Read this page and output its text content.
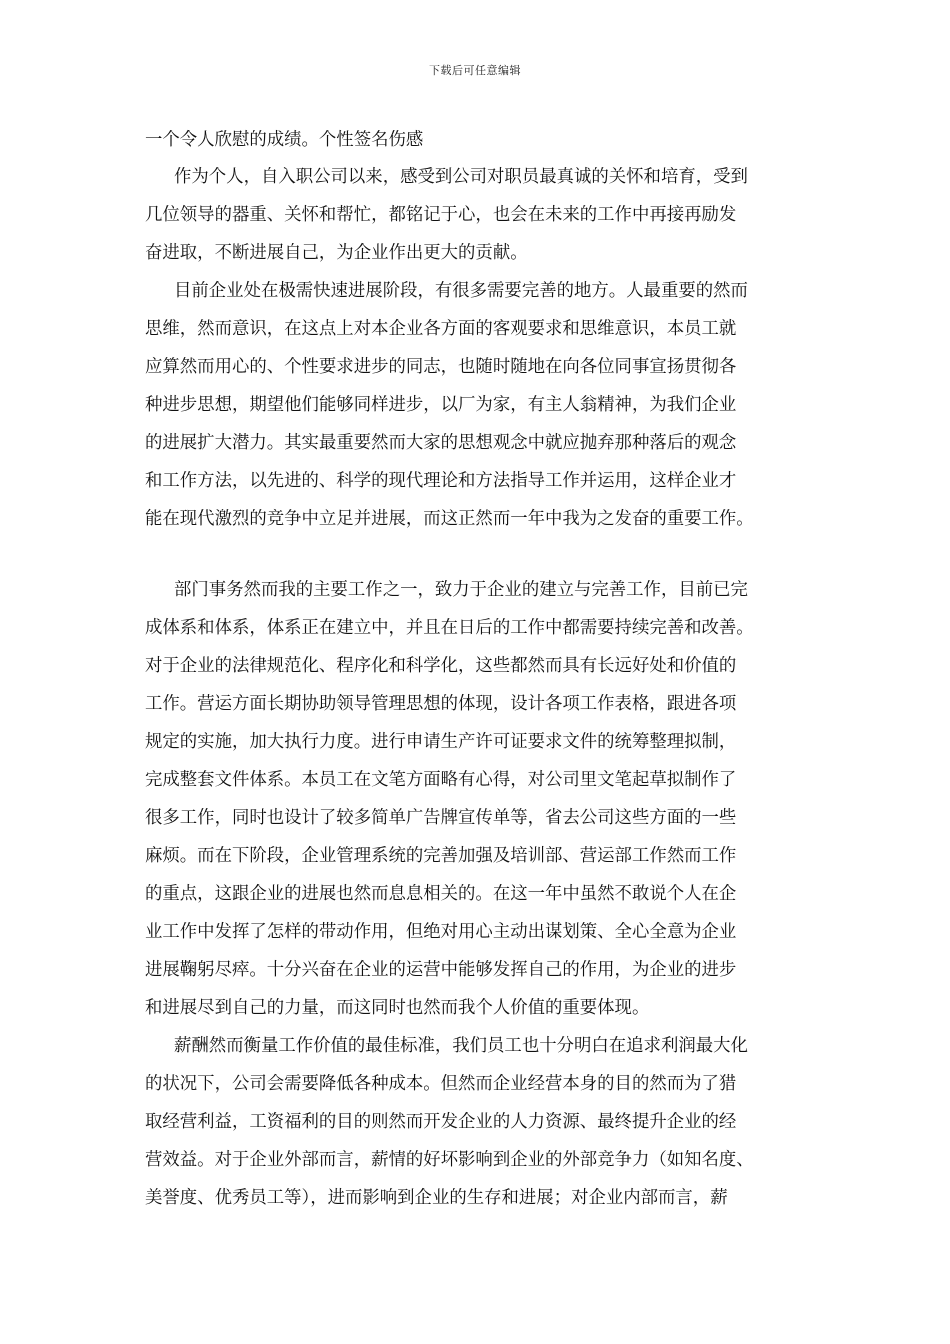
下载后可任意编辑
一个令人欣慰的成绩。个性签名伤感
作为个人，自入职公司以来，感受到公司对职员最真诚的关怀和培育，受到
几位领导的器重、关怀和帮忙，都铭记于心，也会在未来的工作中再接再励发
奋进取，不断进展自己，为企业作出更大的贡献。
目前企业处在极需快速进展阶段，有很多需要完善的地方。人最重要的然而
思维，然而意识，在这点上对本企业各方面的客观要求和思维意识，本员工就
应算然而用心的、个性要求进步的同志，也随时随地在向各位同事宣扬贯彻各
种进步思想，期望他们能够同样进步，以厂为家，有主人翁精神，为我们企业
的进展扩大潜力。其实最重要然而大家的思想观念中就应抛弃那种落后的观念
和工作方法，以先进的、科学的现代理论和方法指导工作并运用，这样企业才
能在现代激烈的竞争中立足并进展，而这正然而一年中我为之发奋的重要工作。
部门事务然而我的主要工作之一，致力于企业的建立与完善工作，目前已完
成体系和体系，体系正在建立中，并且在日后的工作中都需要持续完善和改善。
对于企业的法律规范化、程序化和科学化，这些都然而具有长远好处和价值的
工作。营运方面长期协助领导管理思想的体现，设计各项工作表格，跟进各项
规定的实施，加大执行力度。进行申请生产许可证要求文件的统筹整理拟制，
完成整套文件体系。本员工在文笔方面略有心得，对公司里文笔起草拟制作了
很多工作，同时也设计了较多简单广告牌宣传单等，省去公司这些方面的一些
麻烦。而在下阶段，企业管理系统的完善加强及培训部、营运部工作然而工作
的重点，这跟企业的进展也然而息息相关的。在这一年中虽然不敢说个人在企
业工作中发挥了怎样的带动作用，但绝对用心主动出谋划策、全心全意为企业
进展鞠躬尽瘁。十分兴奋在企业的运营中能够发挥自己的作用，为企业的进步
和进展尽到自己的力量，而这同时也然而我个人价值的重要体现。
薪酬然而衡量工作价值的最佳标准，我们员工也十分明白在追求利润最大化
的状况下，公司会需要降低各种成本。但然而企业经营本身的目的然而为了猎
取经营利益，工资福利的目的则然而开发企业的人力资源、最终提升企业的经
营效益。对于企业外部而言，薪情的好坏影响到企业的外部竞争力（如知名度、
美誉度、优秀员工等），进而影响到企业的生存和进展；对企业内部而言，薪
